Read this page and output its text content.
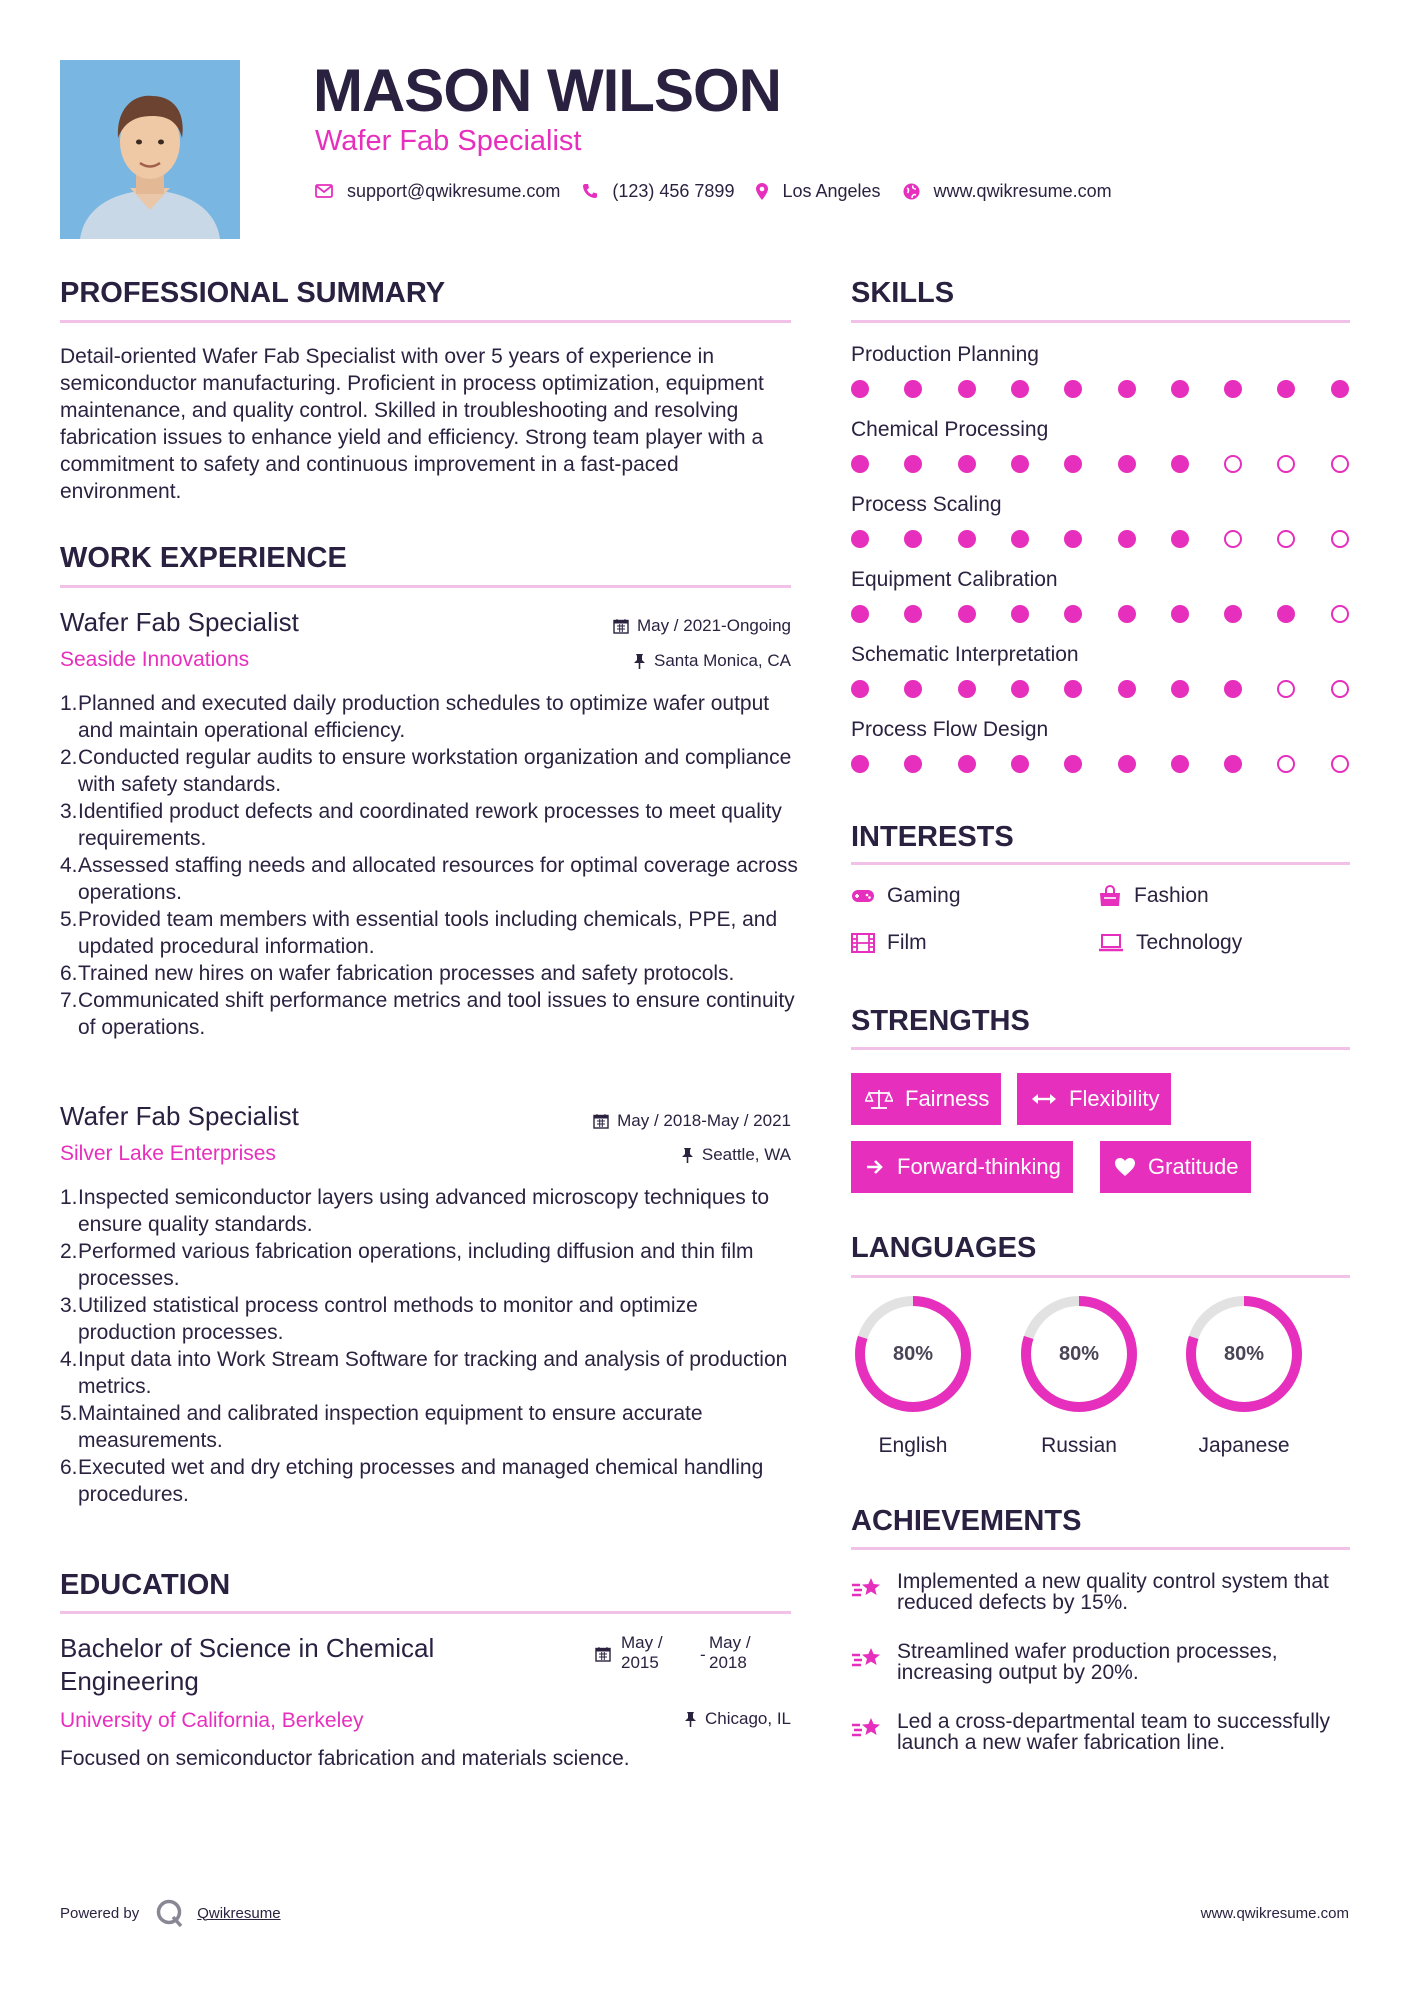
MASON WILSON
Wafer Fab Specialist
support@qwikresume.com	(123) 456 7899	Los Angeles	www.qwikresume.com
PROFESSIONAL SUMMARY
Detail-oriented Wafer Fab Specialist with over 5 years of experience in semiconductor manufacturing. Proficient in process optimization, equipment maintenance, and quality control. Skilled in troubleshooting and resolving fabrication issues to enhance yield and efficiency. Strong team player with a commitment to safety and continuous improvement in a fast-paced environment.
WORK EXPERIENCE
Wafer Fab Specialist	May / 2021-Ongoing
Seaside Innovations	Santa Monica, CA
1. Planned and executed daily production schedules to optimize wafer output and maintain operational efficiency.
2. Conducted regular audits to ensure workstation organization and compliance with safety standards.
3. Identified product defects and coordinated rework processes to meet quality requirements.
4. Assessed staffing needs and allocated resources for optimal coverage across operations.
5. Provided team members with essential tools including chemicals, PPE, and updated procedural information.
6. Trained new hires on wafer fabrication processes and safety protocols.
7. Communicated shift performance metrics and tool issues to ensure continuity of operations.
Wafer Fab Specialist	May / 2018-May / 2021
Silver Lake Enterprises	Seattle, WA
1. Inspected semiconductor layers using advanced microscopy techniques to ensure quality standards.
2. Performed various fabrication operations, including diffusion and thin film processes.
3. Utilized statistical process control methods to monitor and optimize production processes.
4. Input data into Work Stream Software for tracking and analysis of production metrics.
5. Maintained and calibrated inspection equipment to ensure accurate measurements.
6. Executed wet and dry etching processes and managed chemical handling procedures.
EDUCATION
Bachelor of Science in Chemical Engineering
May / 2015	-
May / 2018
University of California, Berkeley	Chicago, IL
Focused on semiconductor fabrication and materials science.
SKILLS
Production Planning
Chemical Processing
Process Scaling
Equipment Calibration
Schematic Interpretation
Process Flow Design
INTERESTS
Gaming	Fashion
Film	Technology
STRENGTHS
Fairness	Flexibility
Forward-thinking	Gratitude
LANGUAGES
80%
English
80%
Russian
80%
Japanese
ACHIEVEMENTS
Implemented a new quality control system that reduced defects by 15%.
Streamlined wafer production processes, increasing output by 20%.
Led a cross-departmental team to successfully launch a new wafer fabrication line.
Powered by	Qwikresume	www.qwikresume.com
